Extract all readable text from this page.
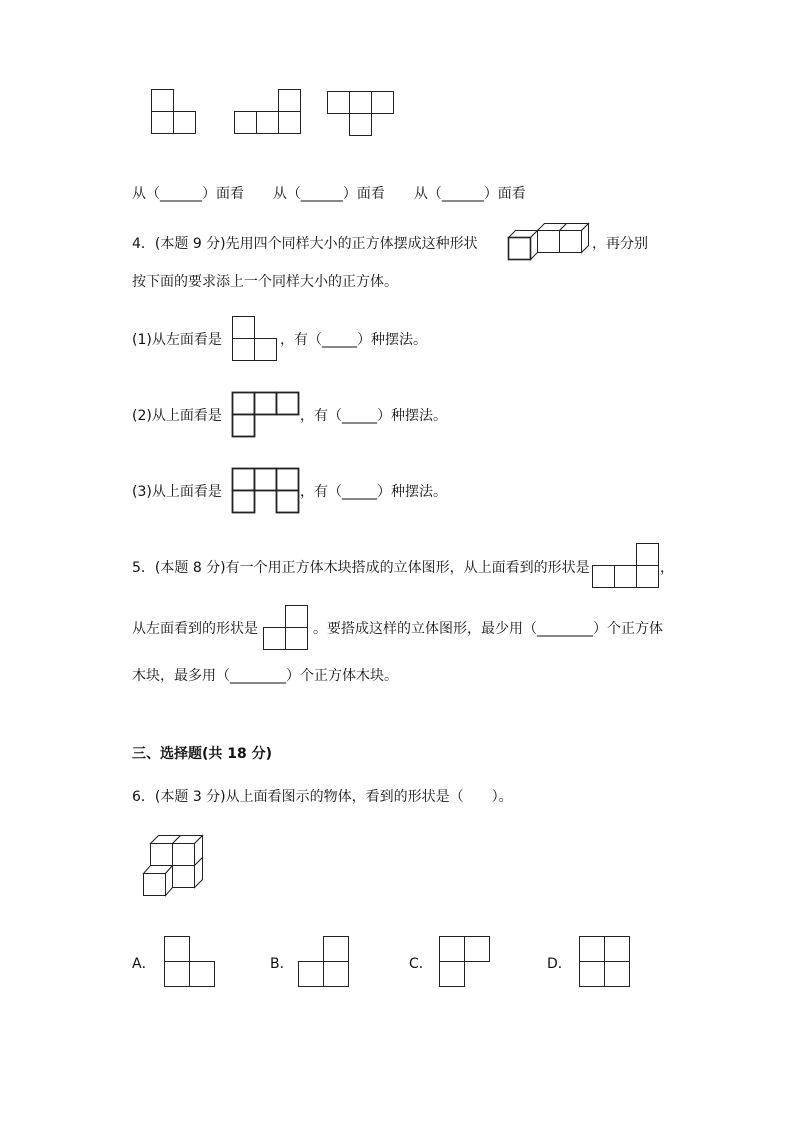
从（______）面看 从（______）面看 从（______）面看
4．(本题 9 分)先用四个同样大小的正方体摆成这种形状	，再分别
按下面的要求添上一个同样大小的正方体。
(1)从左面看是	，有（_____）种摆法。
(2)从上面看是	，有（_____）种摆法。
(3)从上面看是	，有（_____）种摆法。
5．(本题 8 分)有一个用正方体木块搭成的立体图形，从上面看到的形状是	，
从左面看到的形状是	。要搭成这样的立体图形，最少用（________）个正方体
木块，最多用（________）个正方体木块。
三、选择题(共 18 分)
6．(本题 3 分)从上面看图示的物体，看到的形状是（　　）。
A．	B．	C．	D．
